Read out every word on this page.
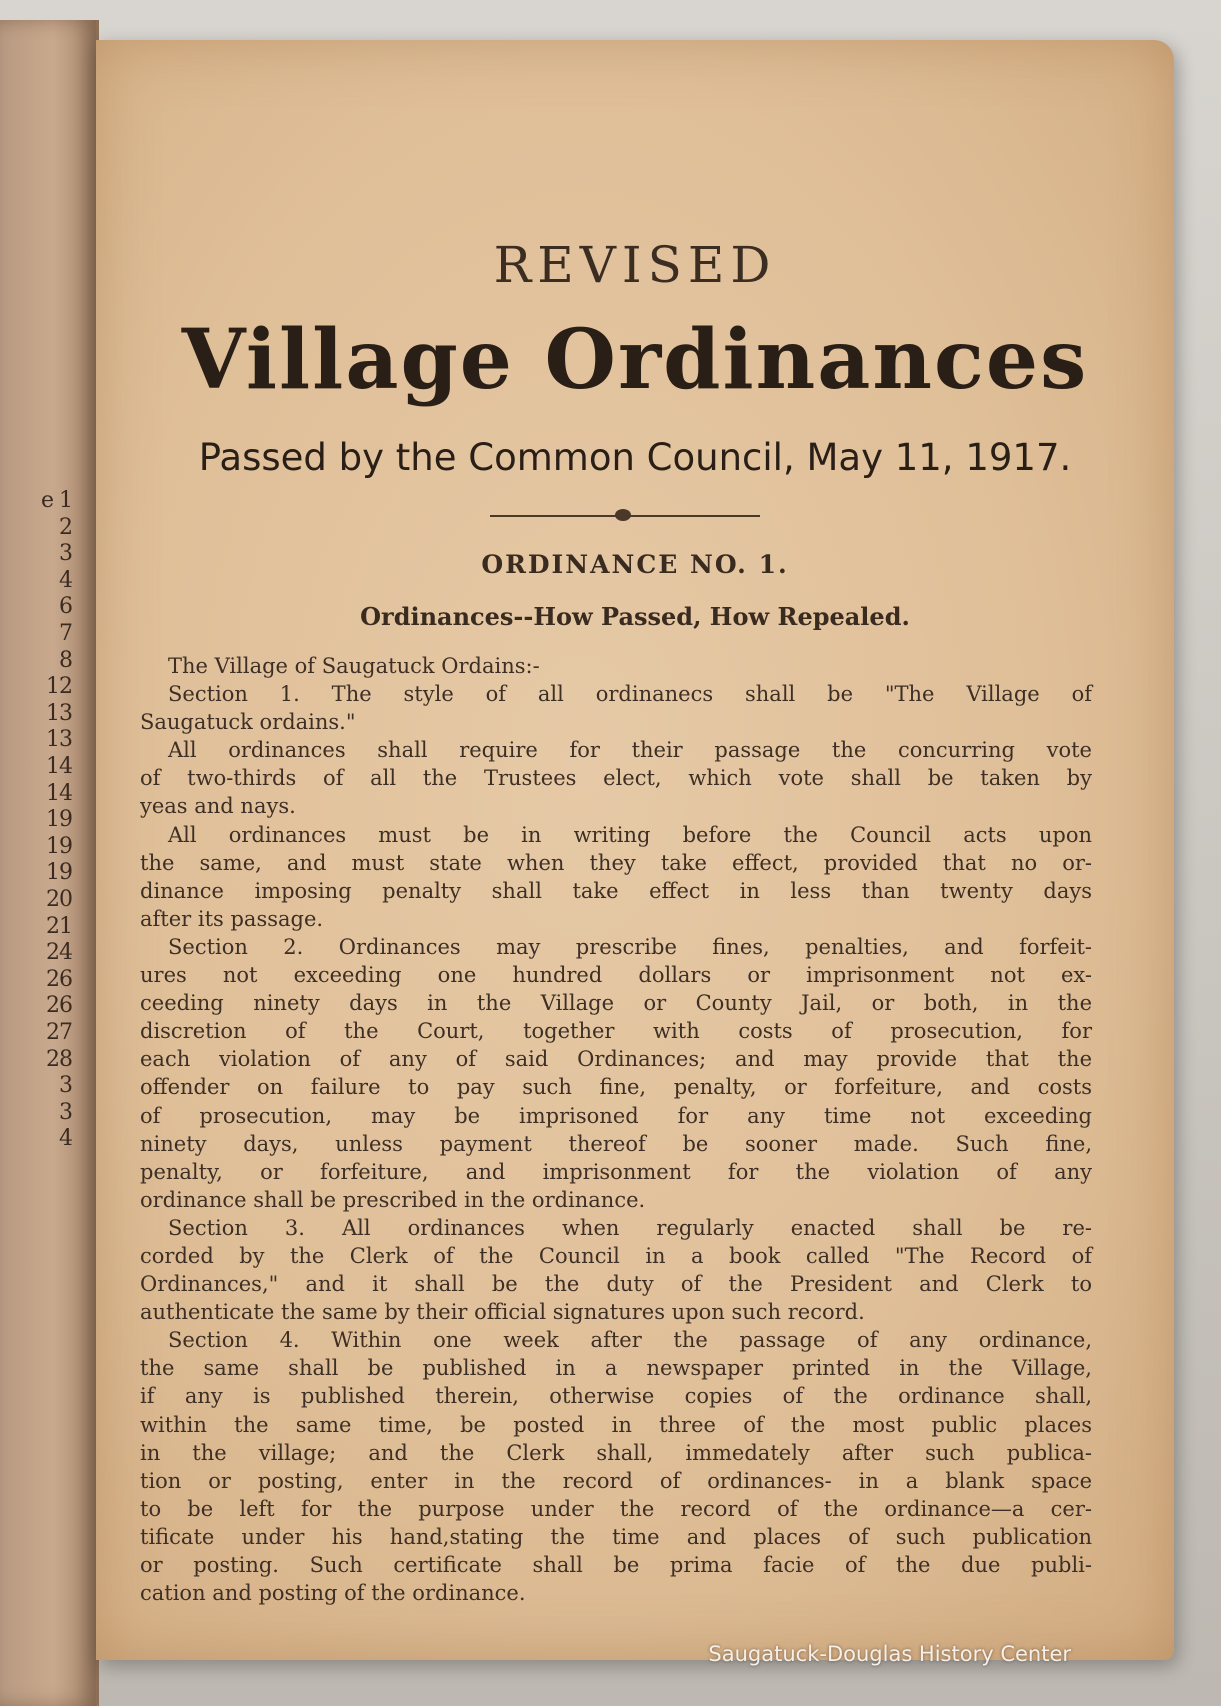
e 1
2
3
4
6
7
8
12
13
13
14
14
19
19
19
20
21
24
26
26
27
28
3
3
4
REVISED
Village Ordinances
Passed by the Common Council, May 11, 1917.
ORDINANCE NO. 1.
Ordinances--How Passed, How Repealed.
The Village of Saugatuck Ordains:-
Section 1. The style of all ordinanecs shall be "The Village of
Saugatuck ordains."
All ordinances shall require for their passage the concurring vote
of two-thirds of all the Trustees elect, which vote shall be taken by
yeas and nays.
All ordinances must be in writing before the Council acts upon
the same, and must state when they take effect, provided that no or-
dinance imposing penalty shall take effect in less than twenty days
after its passage.
Section 2. Ordinances may prescribe fines, penalties, and forfeit-
ures not exceeding one hundred dollars or imprisonment not ex-
ceeding ninety days in the Village or County Jail, or both, in the
discretion of the Court, together with costs of prosecution, for
each violation of any of said Ordinances; and may provide that the
offender on failure to pay such fine, penalty, or forfeiture, and costs
of prosecution, may be imprisoned for any time not exceeding
ninety days, unless payment thereof be sooner made. Such fine,
penalty, or forfeiture, and imprisonment for the violation of any
ordinance shall be prescribed in the ordinance.
Section 3. All ordinances when regularly enacted shall be re-
corded by the Clerk of the Council in a book called "The Record of
Ordinances," and it shall be the duty of the President and Clerk to
authenticate the same by their official signatures upon such record.
Section 4. Within one week after the passage of any ordinance,
the same shall be published in a newspaper printed in the Village,
if any is published therein, otherwise copies of the ordinance shall,
within the same time, be posted in three of the most public places
in the village; and the Clerk shall, immedately after such publica-
tion or posting, enter in the record of ordinances- in a blank space
to be left for the purpose under the record of the ordinance—a cer-
tificate under his hand,stating the time and places of such publication
or posting. Such certificate shall be prima facie of the due publi-
cation and posting of the ordinance.
Saugatuck-Douglas History Center
